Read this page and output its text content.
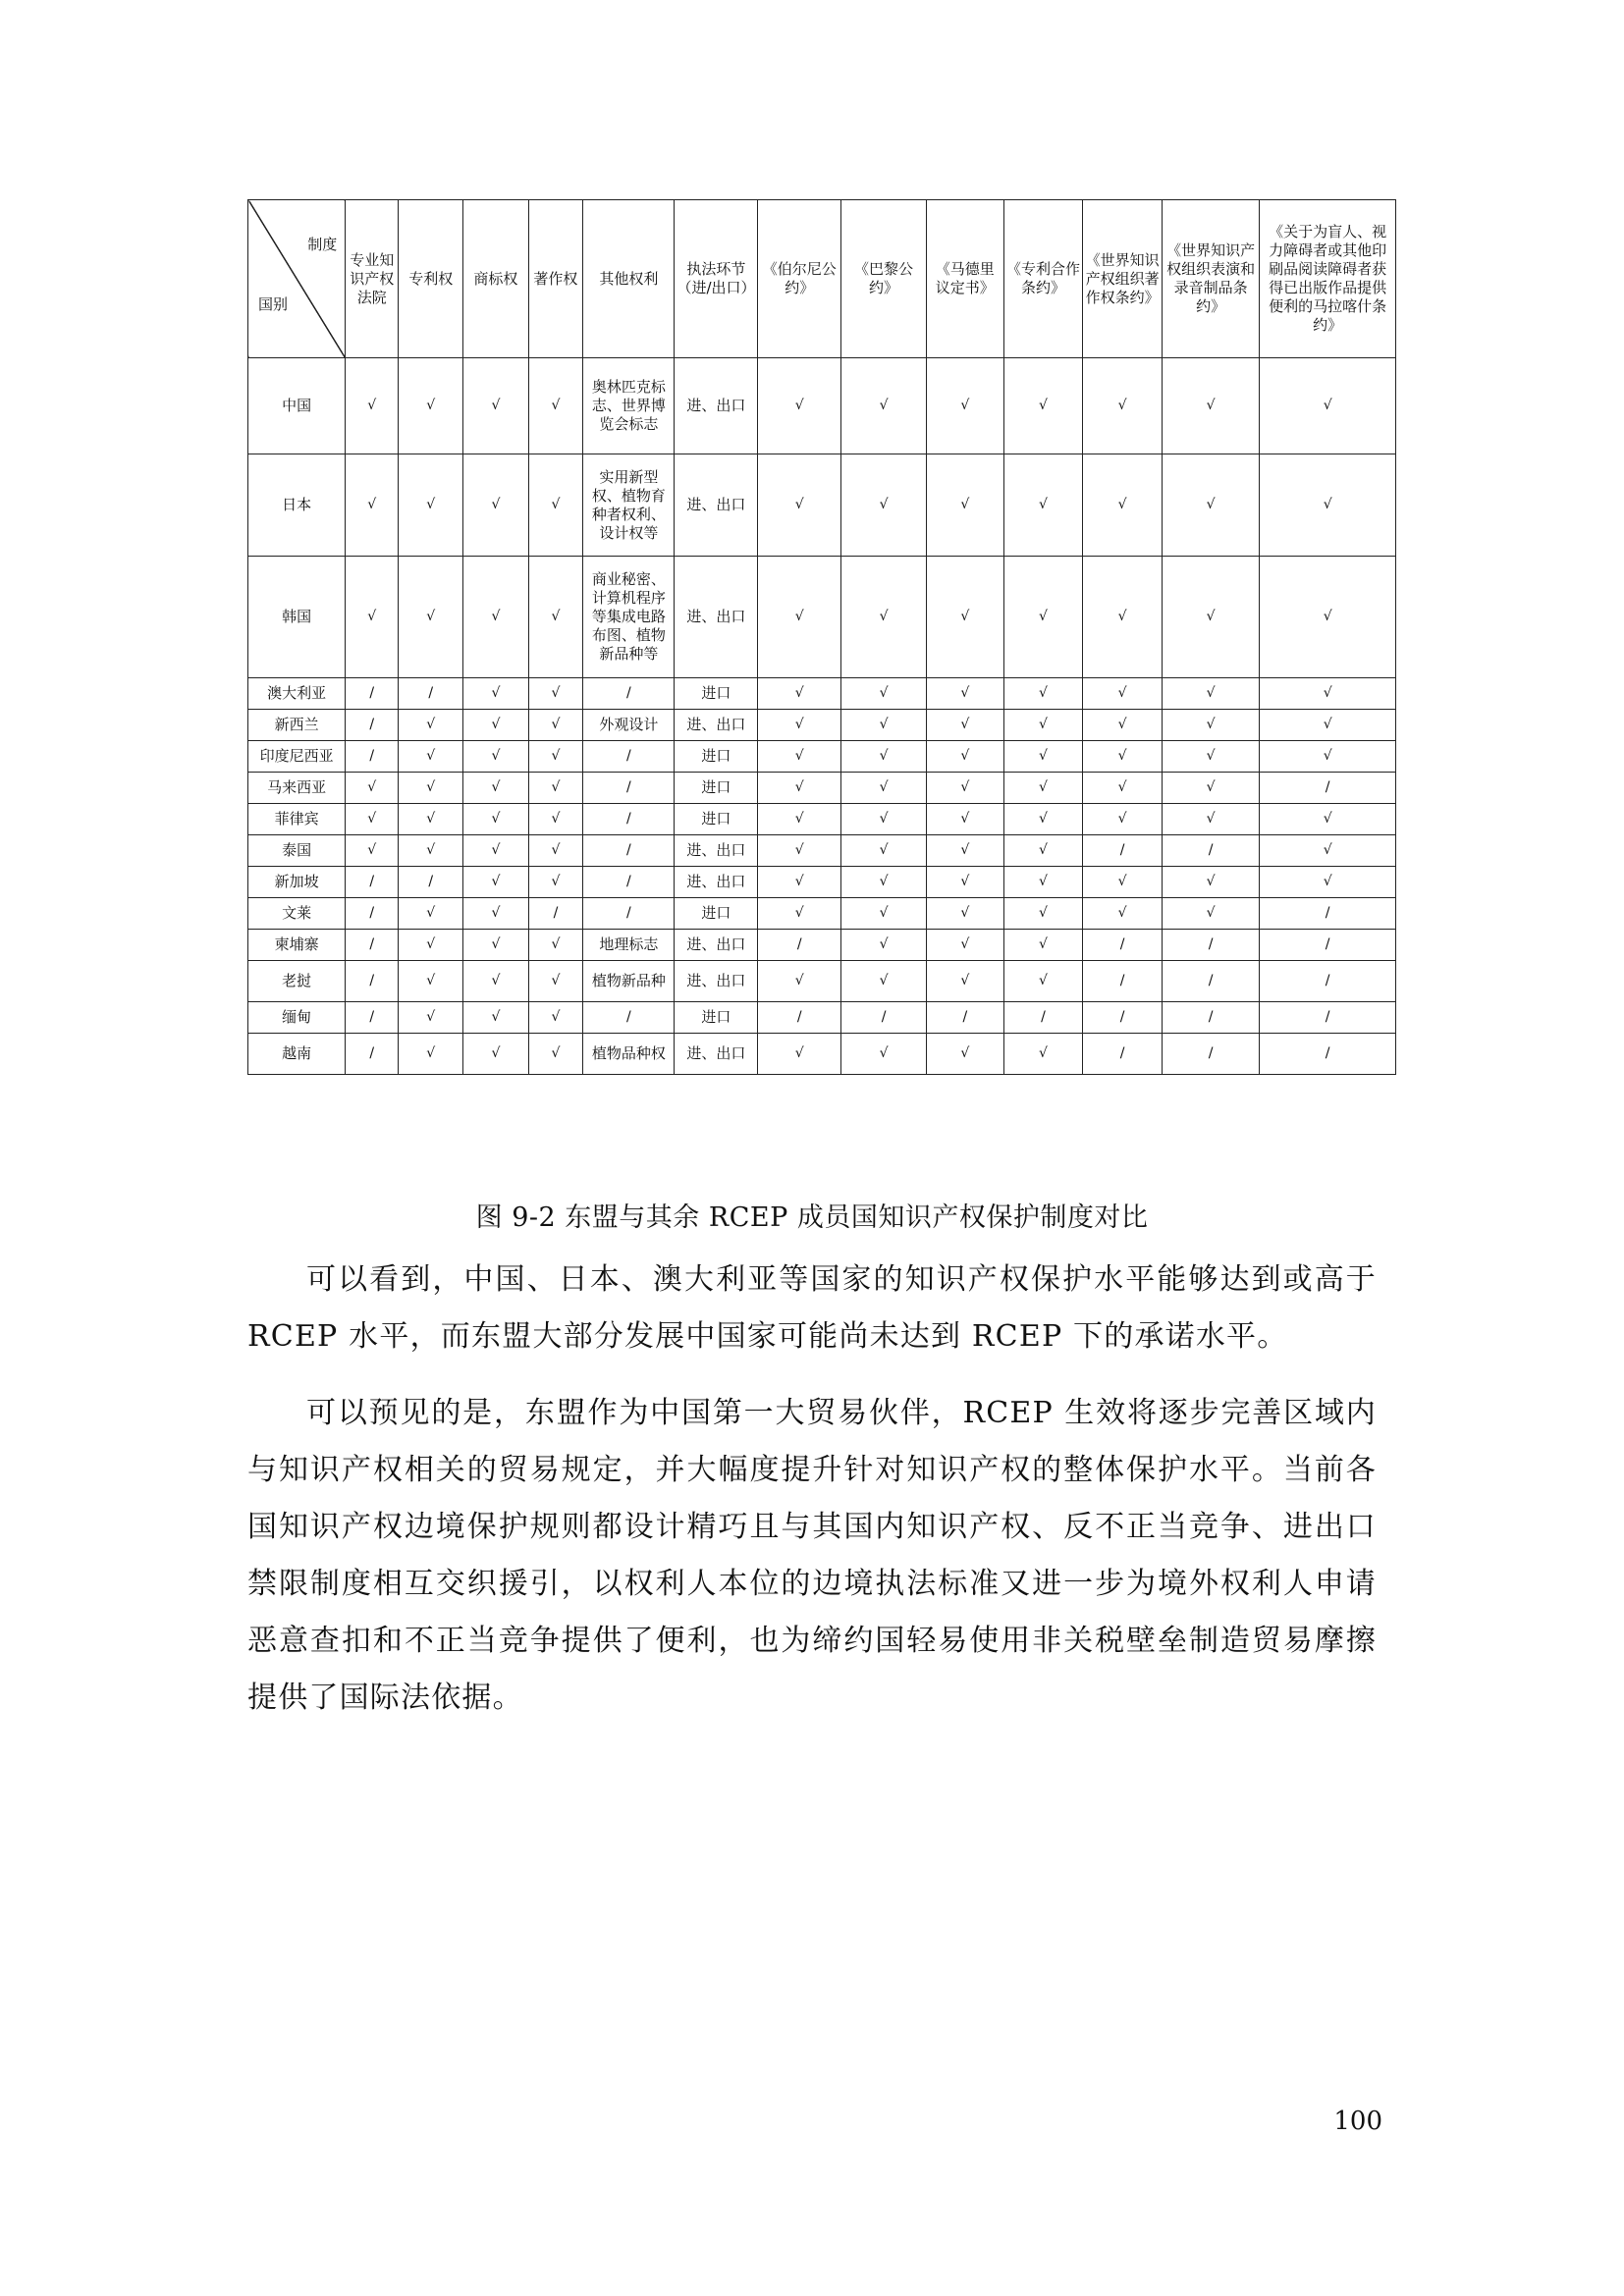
制度
国别	专业知识产权法院	专利权	商标权	著作权	其他权利	执法环节（进/出口）	《伯尔尼公约》	《巴黎公约》	《马德里议定书》	《专利合作条约》	《世界知识产权组织著作权条约》	《世界知识产权组织表演和录音制品条约》	《关于为盲人、视力障碍者或其他印刷品阅读障碍者获得已出版作品提供便利的马拉喀什条约》
中国	√	√	√	√	奥林匹克标志、世界博览会标志	进、出口	√	√	√	√	√	√	√
日本	√	√	√	√	实用新型权、植物育种者权利、设计权等	进、出口	√	√	√	√	√	√	√
韩国	√	√	√	√	商业秘密、计算机程序等集成电路布图、植物新品种等	进、出口	√	√	√	√	√	√	√
澳大利亚	/	/	√	√	/	进口	√	√	√	√	√	√	√
新西兰	/	√	√	√	外观设计	进、出口	√	√	√	√	√	√	√
印度尼西亚	/	√	√	√	/	进口	√	√	√	√	√	√	√
马来西亚	√	√	√	√	/	进口	√	√	√	√	√	√	/
菲律宾	√	√	√	√	/	进口	√	√	√	√	√	√	√
泰国	√	√	√	√	/	进、出口	√	√	√	√	/	/	√
新加坡	/	/	√	√	/	进、出口	√	√	√	√	√	√	√
文莱	/	√	√	/	/	进口	√	√	√	√	√	√	/
柬埔寨	/	√	√	√	地理标志	进、出口	/	√	√	√	/	/	/
老挝	/	√	√	√	植物新品种	进、出口	√	√	√	√	/	/	/
缅甸	/	√	√	√	/	进口	/	/	/	/	/	/	/
越南	/	√	√	√	植物品种权	进、出口	√	√	√	√	/	/	/
图 9-2 东盟与其余 RCEP 成员国知识产权保护制度对比

可以看到，中国、日本、澳大利亚等国家的知识产权保护水平能够达到或高于 RCEP 水平，而东盟大部分发展中国家可能尚未达到 RCEP 下的承诺水平。

可以预见的是，东盟作为中国第一大贸易伙伴，RCEP 生效将逐步完善区域内与知识产权相关的贸易规定，并大幅度提升针对知识产权的整体保护水平。当前各国知识产权边境保护规则都设计精巧且与其国内知识产权、反不正当竞争、进出口禁限制度相互交织援引，以权利人本位的边境执法标准又进一步为境外权利人申请恶意查扣和不正当竞争提供了便利，也为缔约国轻易使用非关税壁垒制造贸易摩擦提供了国际法依据。

100
